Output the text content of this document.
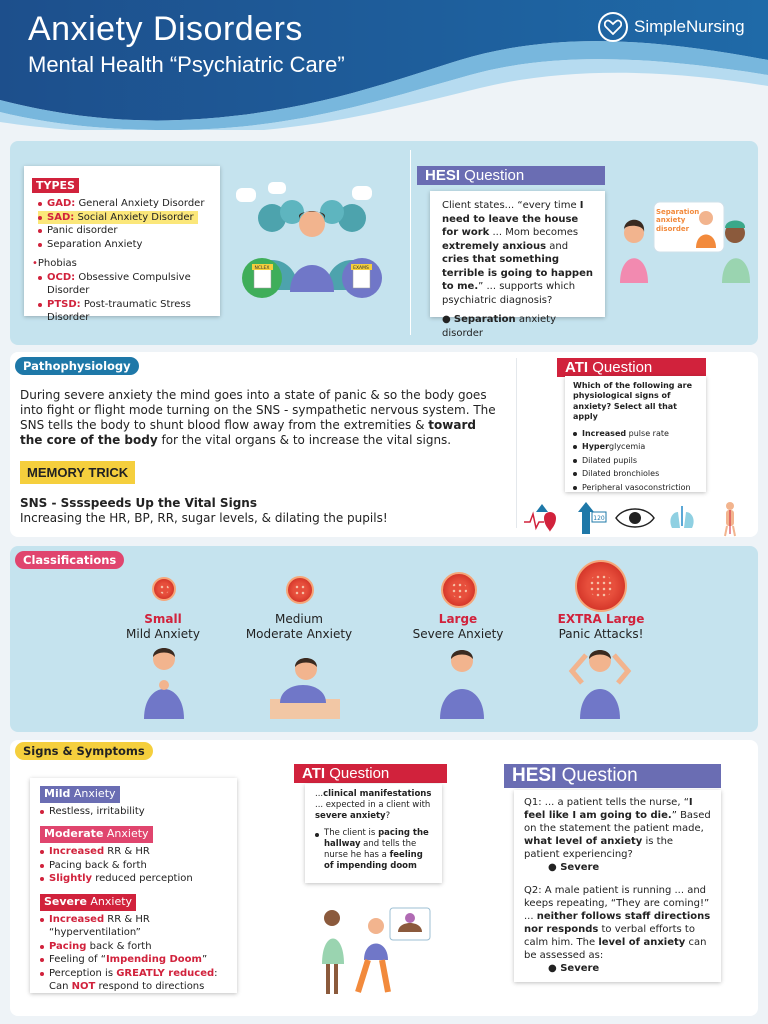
Anxiety Disorders
Mental Health “Psychiatric Care”
SimpleNursing
TYPES
GAD: General Anxiety Disorder
SAD: Social Anxiety Disorder
Panic disorder
Separation Anxiety
•Phobias
OCD: Obsessive Compulsive Disorder
PTSD: Post-traumatic Stress Disorder
NCLEX	EXAMS
HESI Question
Client states... “every time I need to leave the house for work ... Mom becomes extremely anxious and cries that something terrible is going to happen to me.” ... supports which psychiatric diagnosis?
● Separation anxiety disorder
Separation anxiety disorder
Pathophysiology
During severe anxiety the mind goes into a state of panic & so the body goes into fight or flight mode turning on the SNS - sympathetic nervous system. The SNS tells the body to shunt blood flow away from the extremities & toward the core of the body for the vital organs & to increase the vital signs.
MEMORY TRICK
SNS - Sssspeeds Up the Vital Signs
Increasing the HR, BP, RR, sugar levels, & dilating the pupils!
ATI Question
Which of the following are physiological signs of anxiety? Select all that apply
Increased pulse rate
Hyperglycemia
Dilated pupils
Dilated bronchioles
Peripheral vasoconstriction
120
Classifications
Small
Mild Anxiety
Medium
Moderate Anxiety
Large
Severe Anxiety
EXTRA Large
Panic Attacks!
Signs & Symptoms
Mild Anxiety
Restless, irritability
Moderate Anxiety
Increased RR & HR
Pacing back & forth
Slightly reduced perception
Severe Anxiety
Increased RR & HR “hyperventilation”
Pacing back & forth
Feeling of “Impending Doom”
Perception is GREATLY reduced:
Can NOT respond to directions
ATI Question
...clinical manifestations ... expected in a client with severe anxiety?
The client is pacing the hallway and tells the nurse he has a feeling of impending doom
HESI Question
Q1: ... a patient tells the nurse, “I feel like I am going to die.” Based on the statement the patient made, what level of anxiety is the patient experiencing?
● Severe
Q2: A male patient is running ... and keeps repeating, “They are coming!” ... neither follows staff directions nor responds to verbal efforts to calm him. The level of anxiety can be assessed as:
● Severe
